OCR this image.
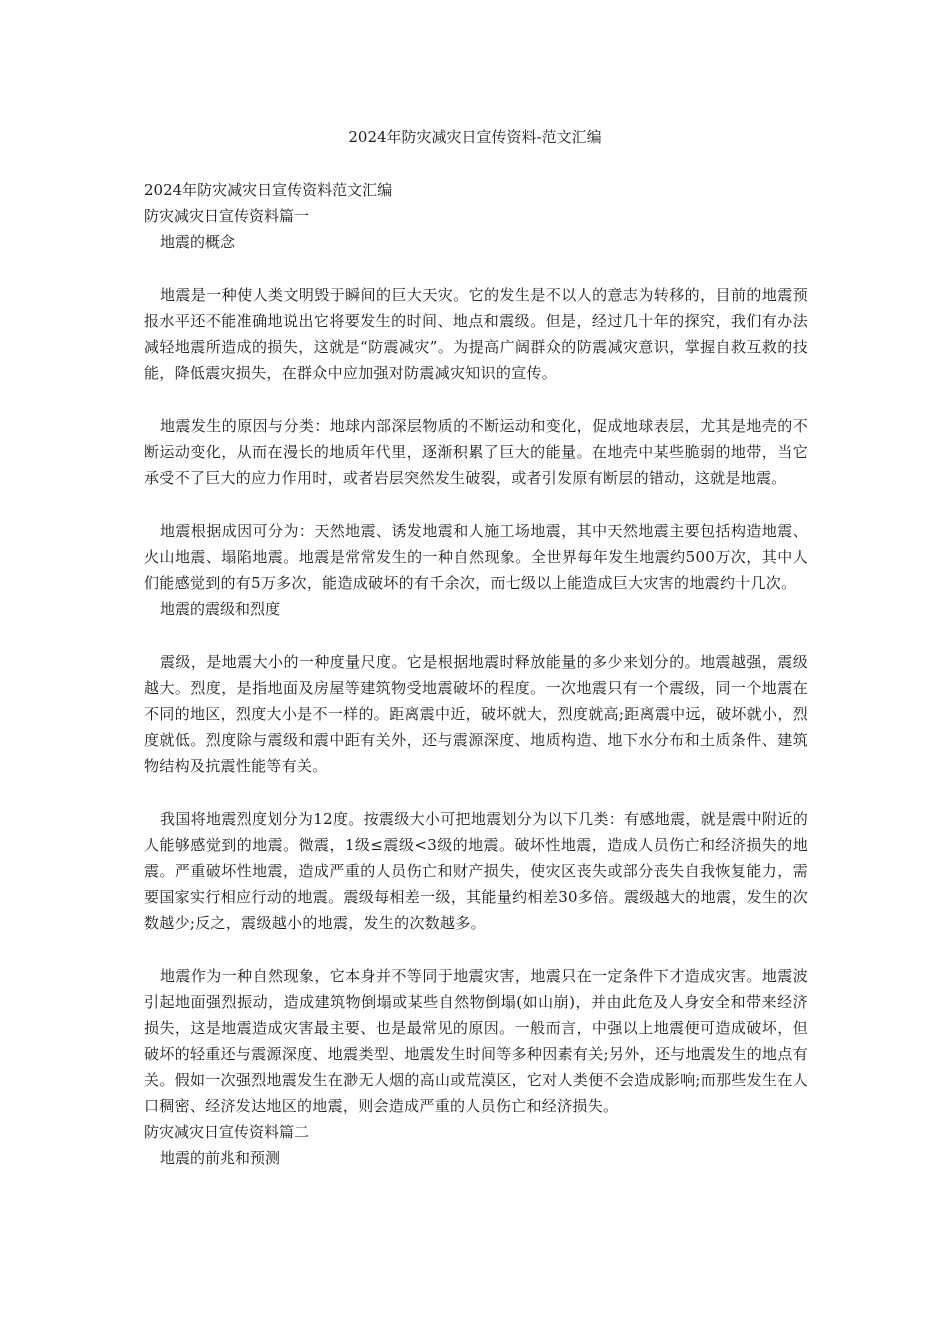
2024年防灾减灾日宣传资料-范文汇编

2024年防灾减灾日宣传资料范文汇编

防灾减灾日宣传资料篇一

地震的概念

地震是一种使人类文明毁于瞬间的巨大天灾。它的发生是不以人的意志为转移的，目前的地震预报水平还不能准确地说出它将要发生的时间、地点和震级。但是，经过几十年的探究，我们有办法减轻地震所造成的损失，这就是“防震减灾”。为提高广阔群众的防震减灾意识，掌握自救互救的技能，降低震灾损失，在群众中应加强对防震减灾知识的宣传。

地震发生的原因与分类：地球内部深层物质的不断运动和变化，促成地球表层，尤其是地壳的不断运动变化，从而在漫长的地质年代里，逐渐积累了巨大的能量。在地壳中某些脆弱的地带，当它承受不了巨大的应力作用时，或者岩层突然发生破裂，或者引发原有断层的错动，这就是地震。

地震根据成因可分为：天然地震、诱发地震和人施工场地震，其中天然地震主要包括构造地震、火山地震、塌陷地震。地震是常常发生的一种自然现象。全世界每年发生地震约500万次，其中人们能感觉到的有5万多次，能造成破坏的有千余次，而七级以上能造成巨大灾害的地震约十几次。

地震的震级和烈度

震级，是地震大小的一种度量尺度。它是根据地震时释放能量的多少来划分的。地震越强，震级越大。烈度，是指地面及房屋等建筑物受地震破坏的程度。一次地震只有一个震级，同一个地震在不同的地区，烈度大小是不一样的。距离震中近，破坏就大，烈度就高;距离震中远，破坏就小，烈度就低。烈度除与震级和震中距有关外，还与震源深度、地质构造、地下水分布和土质条件、建筑物结构及抗震性能等有关。

我国将地震烈度划分为12度。按震级大小可把地震划分为以下几类：有感地震，就是震中附近的人能够感觉到的地震。微震，1级≤震级<3级的地震。破坏性地震，造成人员伤亡和经济损失的地震。严重破坏性地震，造成严重的人员伤亡和财产损失，使灾区丧失或部分丧失自我恢复能力，需要国家实行相应行动的地震。震级每相差一级，其能量约相差30多倍。震级越大的地震，发生的次数越少;反之，震级越小的地震，发生的次数越多。

地震作为一种自然现象，它本身并不等同于地震灾害，地震只在一定条件下才造成灾害。地震波引起地面强烈振动，造成建筑物倒塌或某些自然物倒塌(如山崩)，并由此危及人身安全和带来经济损失，这是地震造成灾害最主要、也是最常见的原因。一般而言，中强以上地震便可造成破坏，但破坏的轻重还与震源深度、地震类型、地震发生时间等多种因素有关;另外，还与地震发生的地点有关。假如一次强烈地震发生在渺无人烟的高山或荒漠区，它对人类便不会造成影响;而那些发生在人口稠密、经济发达地区的地震，则会造成严重的人员伤亡和经济损失。

防灾减灾日宣传资料篇二

地震的前兆和预测
